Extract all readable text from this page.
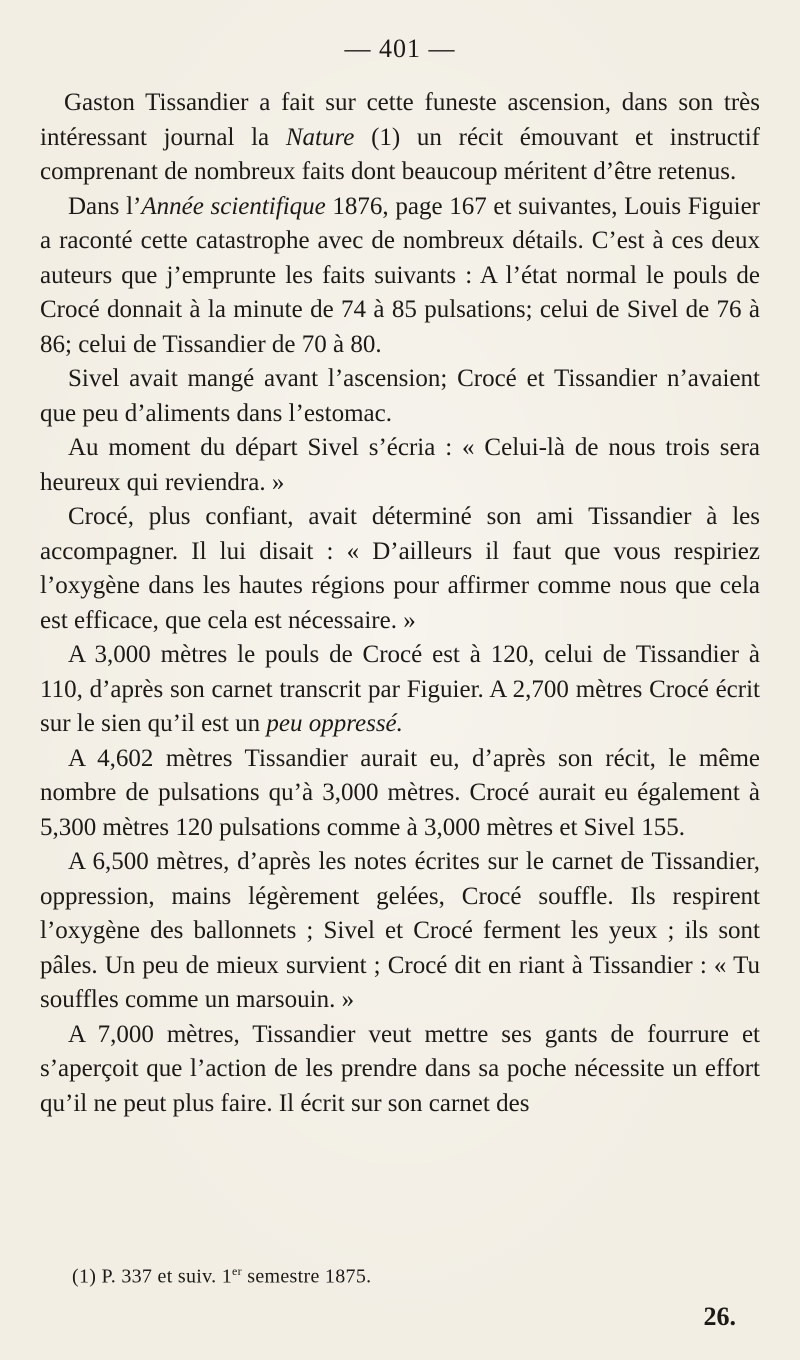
— 401 —

Gaston Tissandier a fait sur cette funeste ascension, dans son très intéressant journal la Nature (1) un récit émouvant et instructif comprenant de nombreux faits dont beaucoup méritent d’être retenus.

Dans l’Année scientifique 1876, page 167 et suivantes, Louis Figuier a raconté cette catastrophe avec de nombreux détails. C’est à ces deux auteurs que j’emprunte les faits suivants : A l’état normal le pouls de Crocé donnait à la minute de 74 à 85 pulsations; celui de Sivel de 76 à 86; celui de Tissandier de 70 à 80.

Sivel avait mangé avant l’ascension; Crocé et Tissandier n’avaient que peu d’aliments dans l’estomac.

Au moment du départ Sivel s’écria : « Celui-là de nous trois sera heureux qui reviendra. »

Crocé, plus confiant, avait déterminé son ami Tissandier à les accompagner. Il lui disait : « D’ailleurs il faut que vous respiriez l’oxygène dans les hautes régions pour affirmer comme nous que cela est efficace, que cela est nécessaire. »

A 3,000 mètres le pouls de Crocé est à 120, celui de Tissandier à 110, d’après son carnet transcrit par Figuier. A 2,700 mètres Crocé écrit sur le sien qu’il est un peu oppressé.

A 4,602 mètres Tissandier aurait eu, d’après son récit, le même nombre de pulsations qu’à 3,000 mètres. Crocé aurait eu également à 5,300 mètres 120 pulsations comme à 3,000 mètres et Sivel 155.

A 6,500 mètres, d’après les notes écrites sur le carnet de Tissandier, oppression, mains légèrement gelées, Crocé souffle. Ils respirent l’oxygène des ballonnets ; Sivel et Crocé ferment les yeux ; ils sont pâles. Un peu de mieux survient ; Crocé dit en riant à Tissandier : « Tu souffles comme un marsouin. »

A 7,000 mètres, Tissandier veut mettre ses gants de fourrure et s’aperçoit que l’action de les prendre dans sa poche nécessite un effort qu’il ne peut plus faire. Il écrit sur son carnet des

(1) P. 337 et suiv. 1er semestre 1875.
26.
